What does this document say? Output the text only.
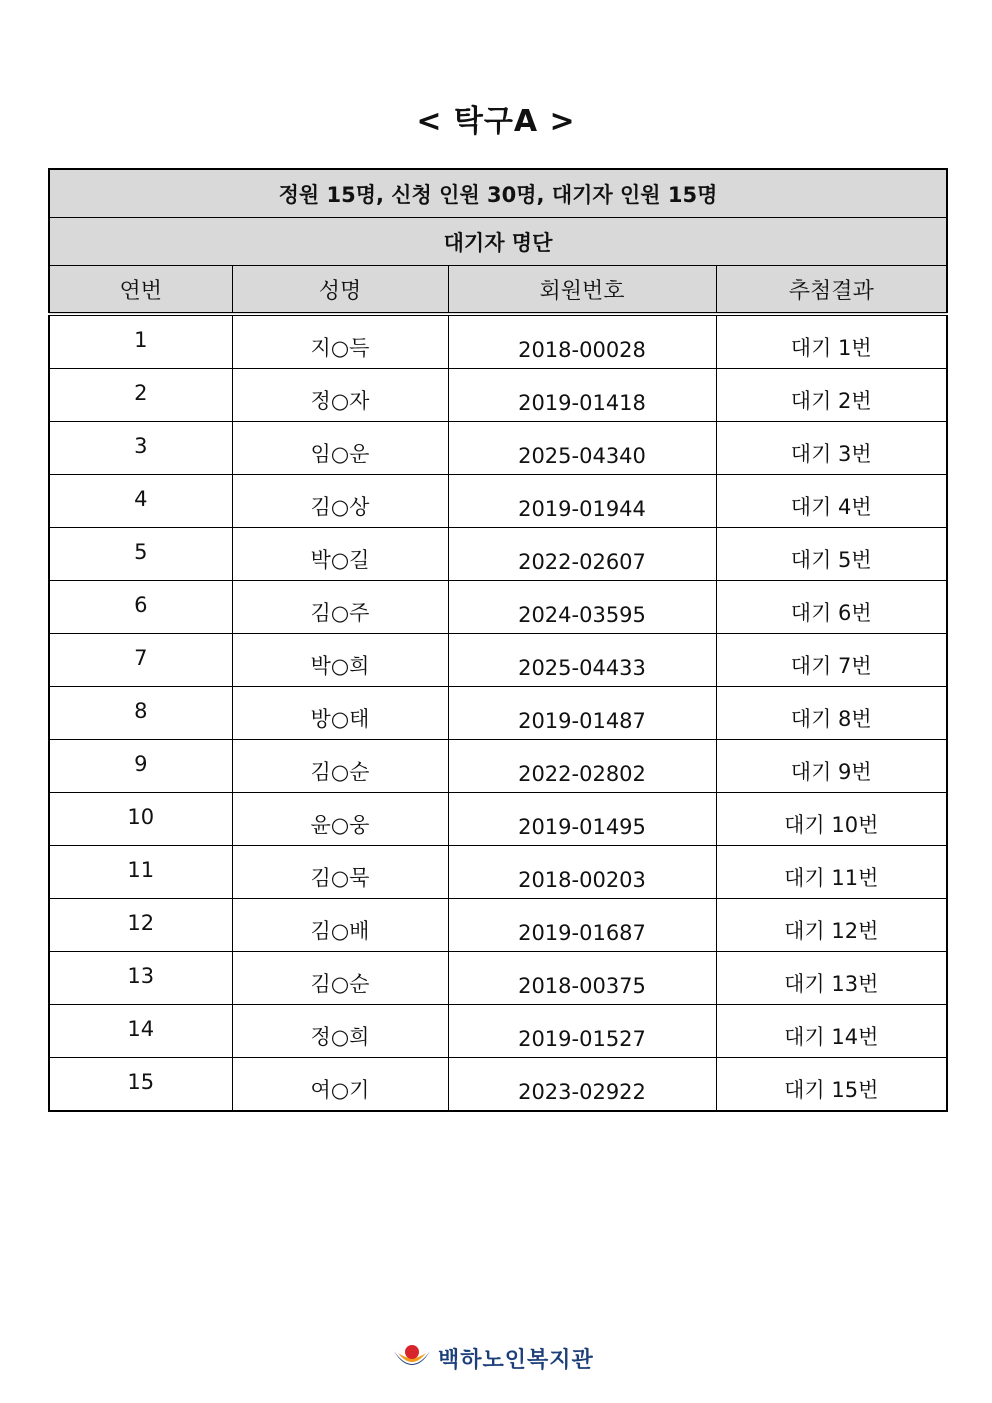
< 탁구A >
정원 15명, 신청 인원 30명, 대기자 인원 15명			
대기자 명단			
연번	성명	회원번호	추첨결과
1	지○득	2018-00028	대기 1번
2	정○자	2019-01418	대기 2번
3	임○운	2025-04340	대기 3번
4	김○상	2019-01944	대기 4번
5	박○길	2022-02607	대기 5번
6	김○주	2024-03595	대기 6번
7	박○희	2025-04433	대기 7번
8	방○태	2019-01487	대기 8번
9	김○순	2022-02802	대기 9번
10	윤○웅	2019-01495	대기 10번
11	김○묵	2018-00203	대기 11번
12	김○배	2019-01687	대기 12번
13	김○순	2018-00375	대기 13번
14	정○희	2019-01527	대기 14번
15	여○기	2023-02922	대기 15번
백하노인복지관
